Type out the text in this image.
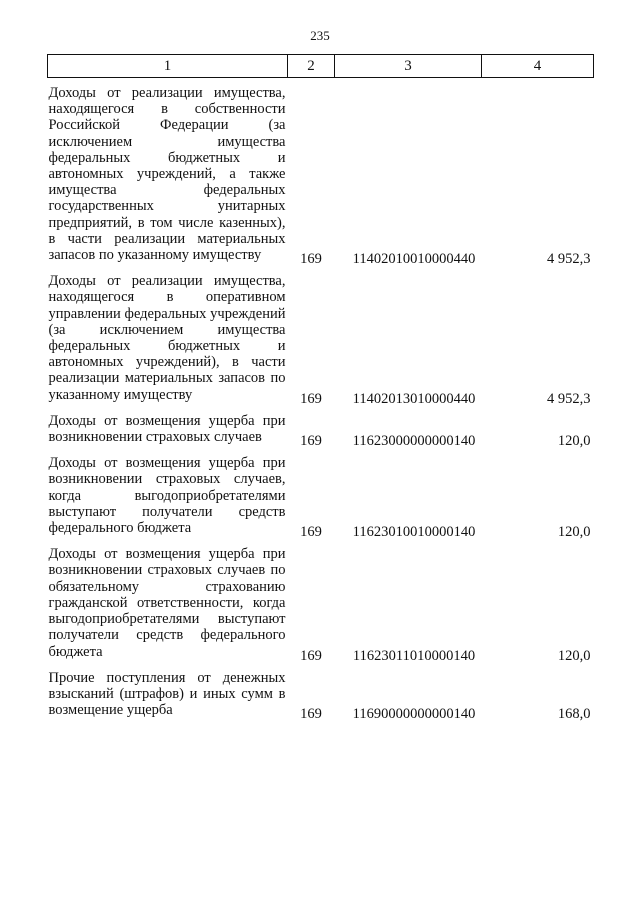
235
1	2	3	4
Доходы от реализации имущества, находящегося в собственности Российской Федерации (за исключением имущества федеральных бюджетных и автономных учреждений, а также имущества федеральных государственных унитарных предприятий, в том числе казенных), в части реализации материальных запасов по указанному имуществу	169	11402010010000440	4 952,3
Доходы от реализации имущества, находящегося в оперативном управлении федеральных учреждений (за исключением имущества федеральных бюджетных и автономных учреждений), в части реализации материальных запасов по указанному имуществу	169	11402013010000440	4 952,3
Доходы от возмещения ущерба при возникновении страховых случаев	169	11623000000000140	120,0
Доходы от возмещения ущерба при возникновении страховых случаев, когда выгодоприобретателями выступают получатели средств федерального бюджета	169	11623010010000140	120,0
Доходы от возмещения ущерба при возникновении страховых случаев по обязательному страхованию гражданской ответственности, когда выгодоприобретателями выступают получатели средств федерального бюджета	169	11623011010000140	120,0
Прочие поступления от денежных взысканий (штрафов) и иных сумм в возмещение ущерба	169	11690000000000140	168,0
